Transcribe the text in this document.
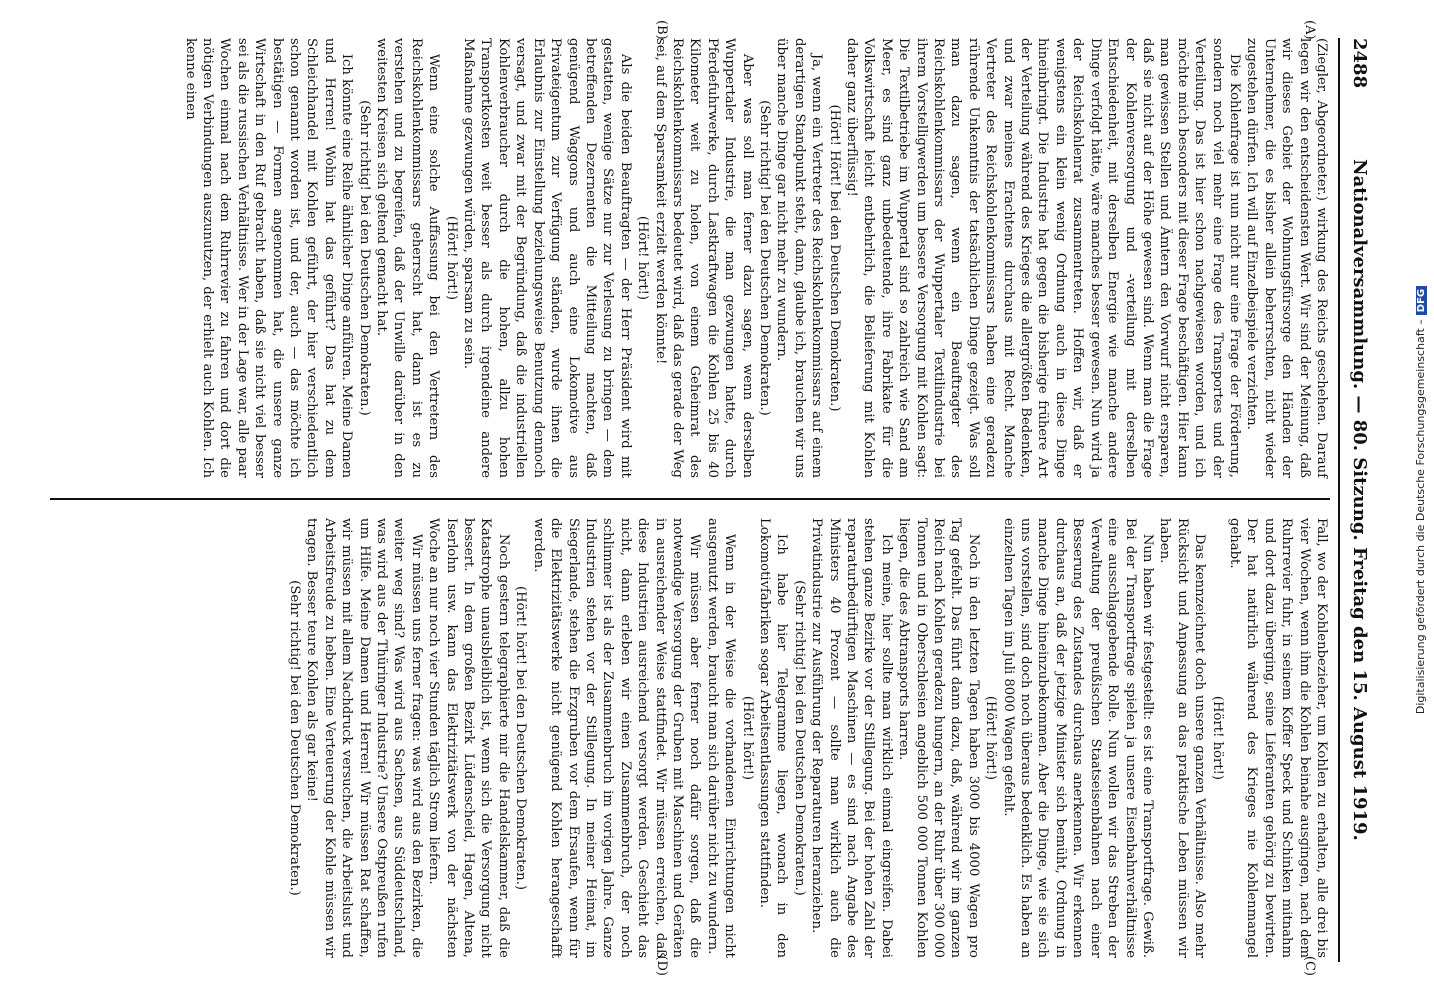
2488
Nationalversammlung. — 80. Sitzung. Freitag den 15. August 1919.
(A)
(B)

(Ziegler, Abgeordneter.) wirkung des Reichs geschehen. Darauf legen wir den entscheidensten Wert. Wir sind der Meinung, daß wir dieses Gebiet der Wohnungsfürsorge den Händen der Unternehmer, die es bisher allein beherrschten, nicht wieder zugestehen dürfen. Ich will auf Einzelbeispiele verzichten.

Die Kohlenfrage ist nun nicht nur eine Frage der Förderung, sondern noch viel mehr eine Frage des Transportes und der Verteilung. Das ist hier schon nachgewiesen worden, und ich möchte mich besonders mit dieser Frage beschäftigen. Hier kann man gewissen Stellen und Ämtern den Vorwurf nicht ersparen, daß sie nicht auf der Höhe gewesen sind. Wenn man die Frage der Kohlenversorgung und -verteilung mit derselben Entschiedenheit, mit derselben Energie wie manche andere Dinge verfolgt hätte, wäre manches besser gewesen. Nun wird ja der Reichskohlenrat zusammentreten. Hoffen wir, daß er wenigstens ein klein wenig Ordnung auch in diese Dinge hineinbringt. Die Industrie hat gegen die bisherige frühere Art der Verteilung während des Krieges die allergrößten Bedenken, und zwar meines Erachtens durchaus mit Recht. Manche Vertreter des Reichskohlenkommissars haben eine geradezu rührende Unkenntnis der tatsächlichen Dinge gezeigt. Was soll man dazu sagen, wenn ein Beauftragter des Reichskohlenkommissars der Wuppertaler Textilindustrie bei ihrem Vorstelligwerden um bessere Versorgung mit Kohlen sagt: Die Textilbetriebe im Wuppertal sind so zahlreich wie Sand am Meer, es sind ganz unbedeutende, ihre Fabrikate für die Volkswirtschaft leicht entbehrlich, die Belieferung mit Kohlen daher ganz überflüssig!

(Hört! Hört! bei den Deutschen Demokraten.)

Ja, wenn ein Vertreter des Reichskohlenkommissars auf einem derartigen Standpunkt steht, dann, glaube ich, brauchen wir uns über manche Dinge gar nicht mehr zu wundern.

(Sehr richtig! bei den Deutschen Demokraten.)

Aber was soll man ferner dazu sagen, wenn derselben Wuppertaler Industrie, die man gezwungen hatte, durch Pferdefuhrwerke, durch Lastkraftwagen die Kohlen 25 bis 40 Kilometer weit zu holen, von einem Geheimrat des Reichskohlenkommissars bedeutet wird, daß das gerade der Weg sei, auf dem Sparsamkeit erzielt werden könnte!

(Hört! hört!)

Als die beiden Beauftragten — der Herr Präsident wird mit gestatten, wenige Sätze nur zur Verlesung zu bringen — dem betreffenden Dezernenten die Mitteilung machten, daß genügend Waggons und auch eine Lokomotive aus Privateigentum zur Verfügung ständen, wurde ihnen die Erlaubnis zur Einstellung beziehungsweise Benutzung dennoch versagt, und zwar mit der Begründung, daß die industriellen Kohlenverbraucher durch die hohen, allzu hohen Transportkosten weit besser als durch irgendeine andere Maßnahme gezwungen würden, sparsam zu sein.

(Hört! hört!)

Wenn eine solche Auffassung bei den Vertretern des Reichskohlenkommissars geherrscht hat, dann ist es zu verstehen und zu begreifen, daß der Unwille darüber in den weitesten Kreisen sich geltend gemacht hat.

(Sehr richtig! bei den Deutschen Demokraten.)

Ich könnte eine Reihe ähnlicher Dinge anführen. Meine Damen und Herren! Wohin hat das geführt? Das hat zu dem Schleichhandel mit Kohlen geführt, der hier verschiedentlich schon genannt worden ist, und der, auch — das möchte ich bestätigen — Formen angenommen hat, die unsere ganze Wirtschaft in den Ruf gebracht haben, daß sie nicht viel besser sei als die russischen Verhältnisse. Wer in der Lage war, alle paar Wochen einmal nach dem Ruhrrevier zu fahren und dort die nötigen Verbindungen auszunutzen, der erhielt auch Kohlen. Ich kenne einen

(C)
(D)

Fall, wo der Kohlenbezieher, um Kohlen zu erhalten, alle drei bis vier Wochen, wenn ihm die Kohlen beinahe ausgingen, nach dem Ruhrrevier fuhr, in seinem Koffer Speck und Schinken mitnahm und dort dazu überging, seine Lieferanten gehörig zu bewirten. Der hat natürlich während des Krieges nie Kohlenmangel gehabt.

(Hört! hört!)

Das kennzeichnet doch unsere ganzen Verhältnisse. Also mehr Rücksicht und Anpassung an das praktische Leben müssen wir haben.

Nun haben wir festgestellt: es ist eine Transportfrage. Gewiß. Bei der Transportfrage spielen ja unsere Eisenbahnverhältnisse eine ausschlaggebende Rolle. Nun wollen wir das Streben der Verwaltung der preußischen Staatseisenbahnen nach einer Besserung des Zustandes durchaus anerkennen. Wir erkennen durchaus an, daß der jetzige Minister sich bemüht, Ordnung in manche Dinge hineinzubekommen. Aber die Dinge, wie sie sich uns vorstellen, sind doch noch überaus bedenklich. Es haben an einzelnen Tagen im Juli 8000 Wagen gefehlt.

(Hört! hört!)

Noch in den letzten Tagen haben 3000 bis 4000 Wagen pro Tag gefehlt. Das führt dann dazu, daß, während wir im ganzen Reich nach Kohlen geradezu hungern, an der Ruhr über 300 000 Tonnen und in Oberschlesien angeblich 500 000 Tonnen Kohlen liegen, die des Abtransports harren.

Ich meine, hier sollte man wirklich einmal eingreifen. Dabei stehen ganze Bezirke vor der Stillegung. Bei der hohen Zahl der reparaturbedürftigen Maschinen — es sind nach Angabe des Ministers 40 Prozent — sollte man wirklich auch die Privatindustrie zur Ausführung der Reparaturen heranziehen.

(Sehr richtig! bei den Deutschen Demokraten.)

Ich habe hier Telegramme liegen, wonach in den Lokomotivfabriken sogar Arbeitsentlassungen stattfinden.

(Hört! hört!)

Wenn in der Weise die vorhandenen Einrichtungen nicht ausgenutzt werden, braucht man sich darüber nicht zu wundern.

Wir müssen aber ferner noch dafür sorgen, daß die notwendige Versorgung der Gruben mit Maschinen und Geräten in ausreichender Weise stattfindet. Wir müssen erreichen, daß diese Industrien ausreichend versorgt werden. Geschieht das nicht, dann erleben wir einen Zusammenbruch, der noch schlimmer ist als der Zusammenbruch im vorigen Jahre. Ganze Industrien stehen vor der Stillegung. In meiner Heimat, im Siegerlande, stehen die Erzgruben vor dem Ersaufen, wenn für die Elektrizitätswerke nicht genügend Kohlen herangeschafft werden.

(Hört! hört! bei den Deutschen Demokraten.)

Noch gestern telegraphierte mir die Handelskammer, daß die Katastrophe unausbleiblich ist, wenn sich die Versorgung nicht bessert. In dem großen Bezirk Lüdenscheid, Hagen, Altena, Iserlohn usw. kann das Elektrizitätswerk von der nächsten Woche an nur noch vier Stunden täglich Strom liefern.

Wir müssen uns ferner fragen: was wird aus den Bezirken, die weiter weg sind? Was wird aus Sachsen, aus Süddeutschland, was wird aus der Thüringer Industrie? Unsere Ostpreußen rufen um Hilfe. Meine Damen und Herren! Wir müssen Rat schaffen, wir müssen mit allem Nachdruck versuchen, die Arbeitslust und Arbeitsfreude zu heben. Eine Verteuerung der Kohle müssen wir tragen. Besser teure Kohlen als gar keine!

(Sehr richtig! bei den Deutschen Demokraten.)

Digitalisierung gefördert durch die Deutsche Forschungsgemeinschaft –DFG
